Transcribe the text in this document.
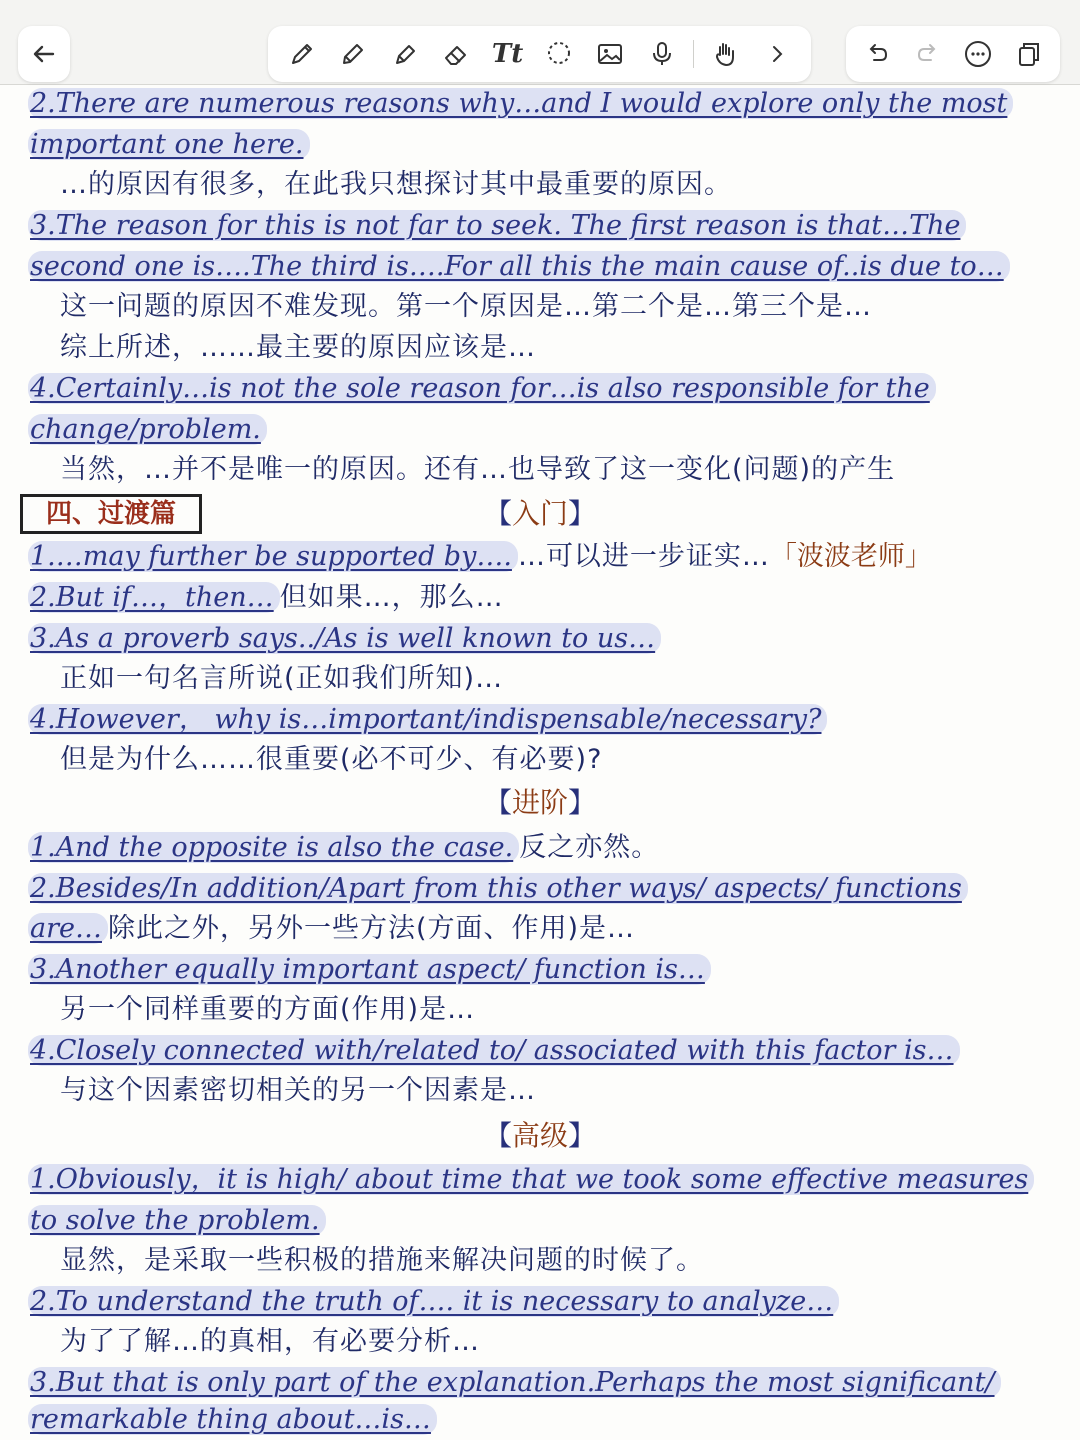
Tt
2.There are numerous reasons why…and I would explore only the most
important one here.
…的原因有很多，在此我只想探讨其中最重要的原因。
3.The reason for this is not far to seek. The first reason is that…The
second one is….The third is….For all this the main cause of..is due to…
这一问题的原因不难发现。第一个原因是…第二个是…第三个是…
综上所述，……最主要的原因应该是…
4.Certainly…is not the sole reason for…is also responsible for the
change/problem.
当然，…并不是唯一的原因。还有…也导致了这一变化(问题)的产生
四、过渡篇	【入门】
1.…may further be supported by…. …可以进一步证实…「波波老师」
2.But if…，then… 但如果…，那么…
3.As a proverb says../As is well known to us…
正如一句名言所说(正如我们所知)…
4.However， why is…important/indispensable/necessary?
但是为什么……很重要(必不可少、有必要)?
【进阶】
1.And the opposite is also the case. 反之亦然。
2.Besides/In addition/Apart from this other ways/ aspects/ functions
are… 除此之外，另外一些方法(方面、作用)是…
3.Another equally important aspect/ function is…
另一个同样重要的方面(作用)是…
4.Closely connected with/related to/ associated with this factor is…
与这个因素密切相关的另一个因素是…
【高级】
1.Obviously，it is high/ about time that we took some effective measures
to solve the problem.
显然，是采取一些积极的措施来解决问题的时候了。
2.To understand the truth of…. it is necessary to analyze…
为了了解…的真相，有必要分析…
3.But that is only part of the explanation.Perhaps the most significant/
remarkable thing about…is…
